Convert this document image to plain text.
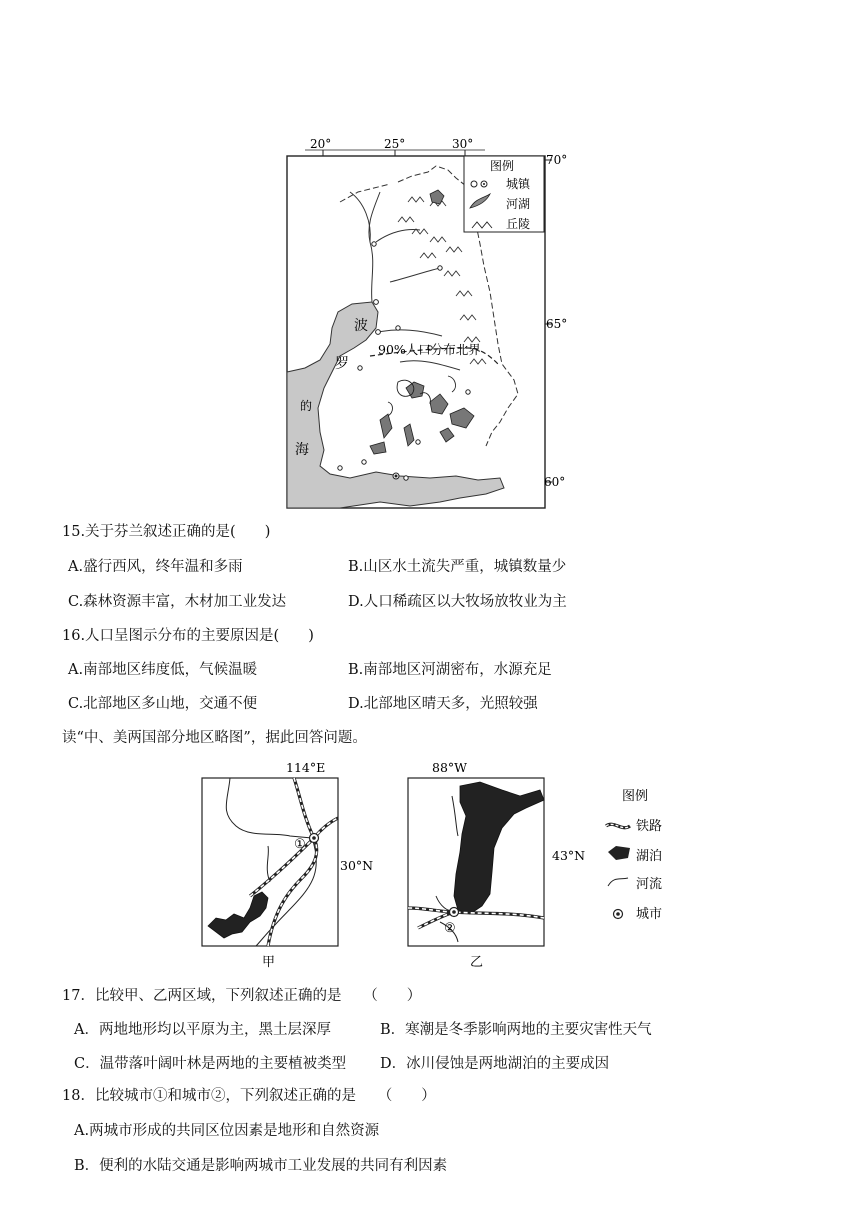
20°	25°	30°
70°
65°
60°
波
罗
的
海
90%人口分布北界
图例
城镇
河湖
丘陵
15.关于芬兰叙述正确的是(　　)
A.盛行西风，终年温和多雨	B.山区水土流失严重，城镇数量少
C.森林资源丰富，木材加工业发达	D.人口稀疏区以大牧场放牧业为主
16.人口呈图示分布的主要原因是(　　)
A.南部地区纬度低，气候温暖	B.南部地区河湖密布，水源充足
C.北部地区多山地，交通不便	D.北部地区晴天多，光照较强
读“中、美两国部分地区略图”，据此回答问题。
114°E
30°N
甲
①
88°W
43°N
乙
②
图例
铁路
湖泊
河流
城市
17．比较甲、乙两区域，下列叙述正确的是　　（　　）
A．两地地形均以平原为主，黑土层深厚	B．寒潮是冬季影响两地的主要灾害性天气
C．温带落叶阔叶林是两地的主要植被类型 D．冰川侵蚀是两地湖泊的主要成因
18．比较城市①和城市②，下列叙述正确的是　　（　　）
A.两城市形成的共同区位因素是地形和自然资源
B．便利的水陆交通是影响两城市工业发展的共同有利因素
